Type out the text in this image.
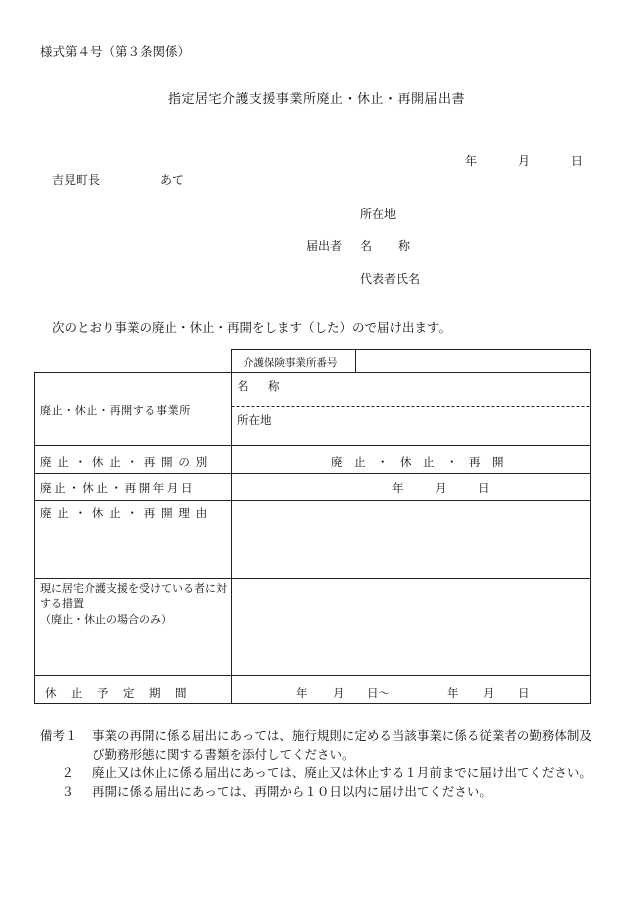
様式第４号（第３条関係）
指定居宅介護支援事業所廃止・休止・再開届出書
年	月	日
吉見町長	あて
所在地
届出者 名　称
代表者氏名
次のとおり事業の廃止・休止・再開をします（した）ので届け出ます。
介護保険事業所番号
廃止・休止・再開する事業所
名　称
所在地
廃止・休止・再開の別	廃　止　・　休　止　・　再　開
廃止・休止・再開年月日	年	月	日
廃止・休止・再開理由
現に居宅介護支援を受けている者に対する措置
（廃止・休止の場合のみ）
休止予定期間	年 月 日～	年 月 日
備考１	事業の再開に係る届出にあっては、施行規則に定める当該事業に係る従業者の勤務体制及び勤務形態に関する書類を添付してください。
２	廃止又は休止に係る届出にあっては、廃止又は休止する１月前までに届け出てください。
３	再開に係る届出にあっては、再開から１０日以内に届け出てください。
